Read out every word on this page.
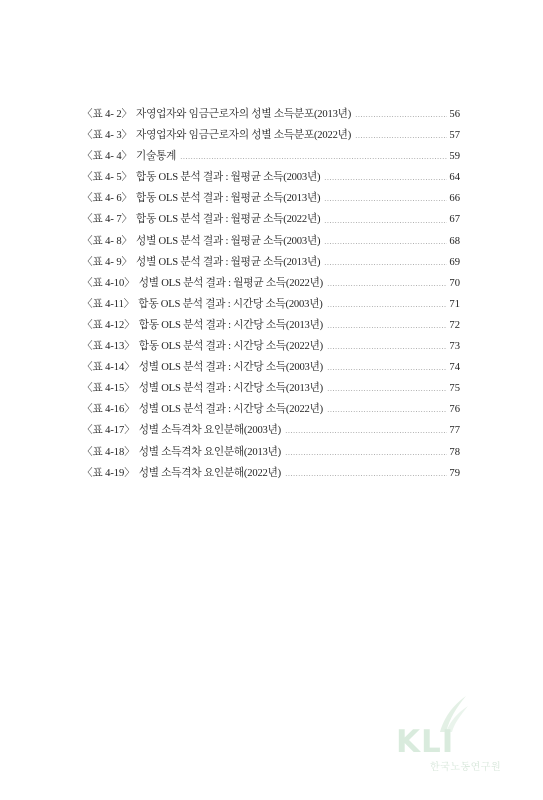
〈표 4- 2〉 자영업자와 임금근로자의 성별 소득분포(2013년)	56
〈표 4- 3〉 자영업자와 임금근로자의 성별 소득분포(2022년)	57
〈표 4- 4〉 기술통계	59
〈표 4- 5〉 합동 OLS 분석 결과 : 월평균 소득(2003년)	64
〈표 4- 6〉 합동 OLS 분석 결과 : 월평균 소득(2013년)	66
〈표 4- 7〉 합동 OLS 분석 결과 : 월평균 소득(2022년)	67
〈표 4- 8〉 성별 OLS 분석 결과 : 월평균 소득(2003년)	68
〈표 4- 9〉 성별 OLS 분석 결과 : 월평균 소득(2013년)	69
〈표 4-10〉 성별 OLS 분석 결과 : 월평균 소득(2022년)	70
〈표 4-11〉 합동 OLS 분석 결과 : 시간당 소득(2003년)	71
〈표 4-12〉 합동 OLS 분석 결과 : 시간당 소득(2013년)	72
〈표 4-13〉 합동 OLS 분석 결과 : 시간당 소득(2022년)	73
〈표 4-14〉 성별 OLS 분석 결과 : 시간당 소득(2003년)	74
〈표 4-15〉 성별 OLS 분석 결과 : 시간당 소득(2013년)	75
〈표 4-16〉 성별 OLS 분석 결과 : 시간당 소득(2022년)	76
〈표 4-17〉 성별 소득격차 요인분해(2003년)	77
〈표 4-18〉 성별 소득격차 요인분해(2013년)	78
〈표 4-19〉 성별 소득격차 요인분해(2022년)	79
KLI
한국노동연구원
